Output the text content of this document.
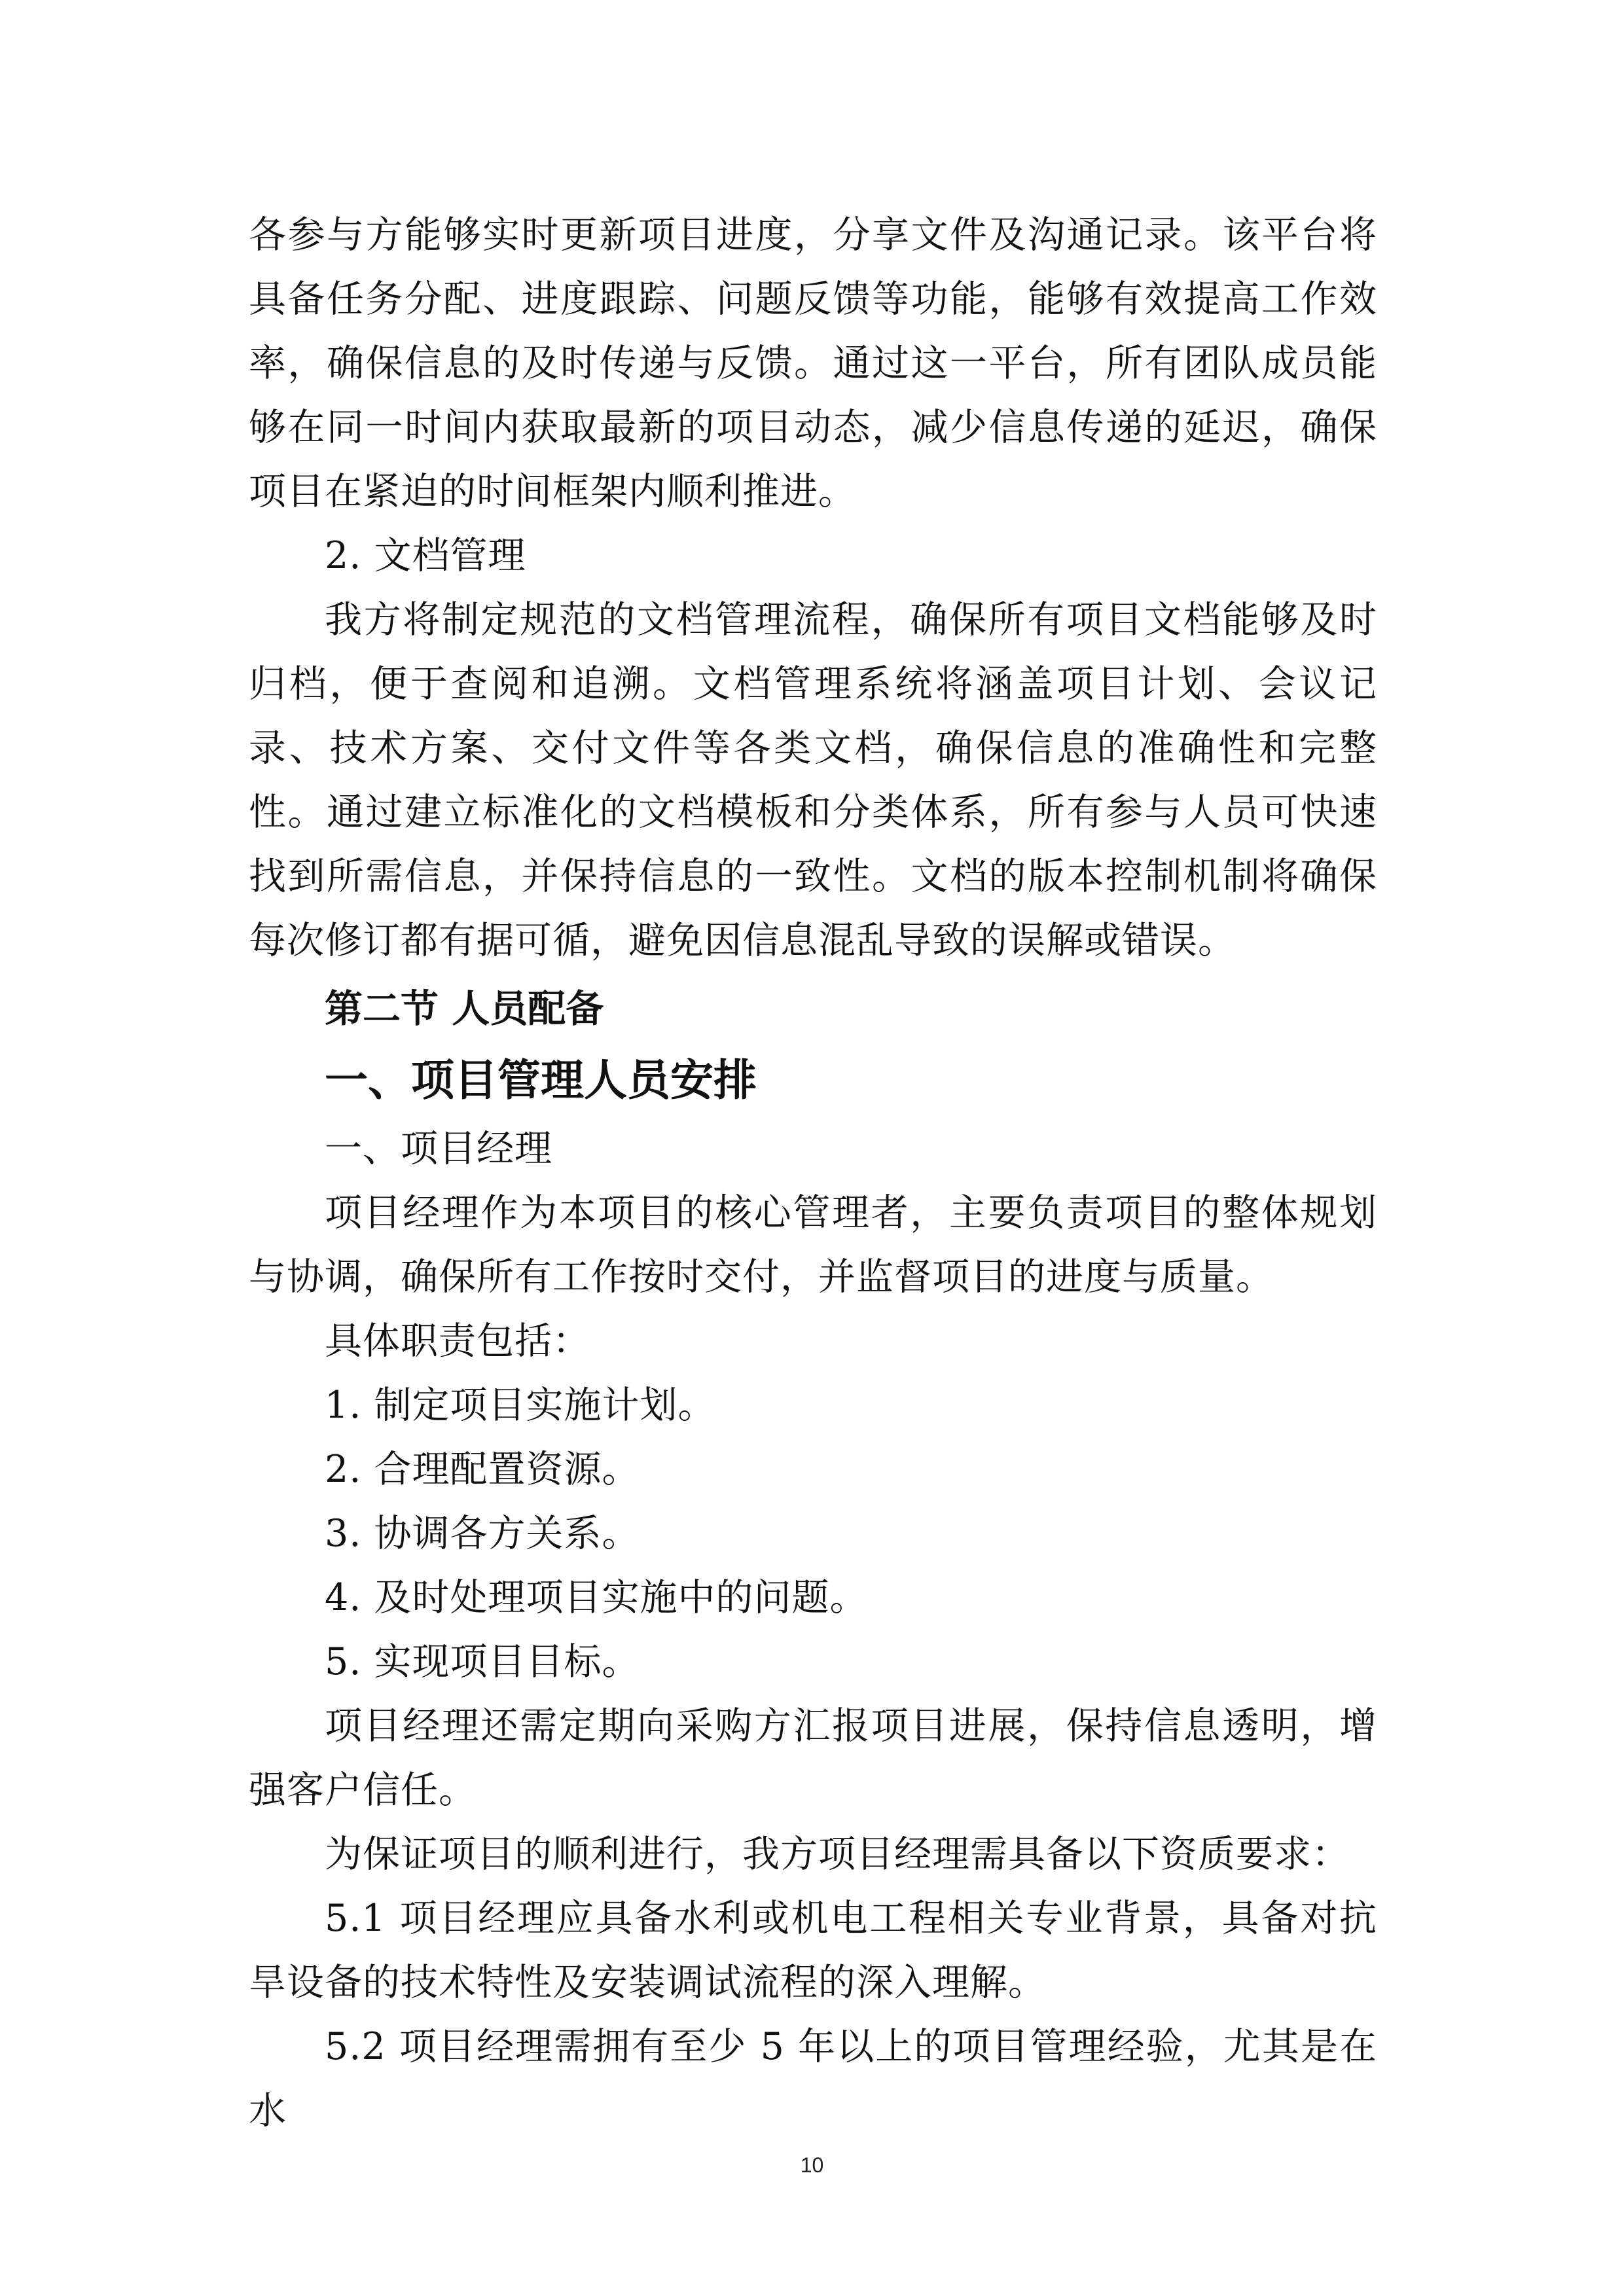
各参与方能够实时更新项目进度，分享文件及沟通记录。该平台将具备任务分配、进度跟踪、问题反馈等功能，能够有效提高工作效率，确保信息的及时传递与反馈。通过这一平台，所有团队成员能够在同一时间内获取最新的项目动态，减少信息传递的延迟，确保项目在紧迫的时间框架内顺利推进。

2. 文档管理

我方将制定规范的文档管理流程，确保所有项目文档能够及时归档，便于查阅和追溯。文档管理系统将涵盖项目计划、会议记录、技术方案、交付文件等各类文档，确保信息的准确性和完整性。通过建立标准化的文档模板和分类体系，所有参与人员可快速找到所需信息，并保持信息的一致性。文档的版本控制机制将确保每次修订都有据可循，避免因信息混乱导致的误解或错误。

第二节 人员配备
一、项目管理人员安排

一、项目经理

项目经理作为本项目的核心管理者，主要负责项目的整体规划与协调，确保所有工作按时交付，并监督项目的进度与质量。

具体职责包括：

1. 制定项目实施计划。

2. 合理配置资源。

3. 协调各方关系。

4. 及时处理项目实施中的问题。

5. 实现项目目标。

项目经理还需定期向采购方汇报项目进展，保持信息透明，增强客户信任。

为保证项目的顺利进行，我方项目经理需具备以下资质要求：

5.1 项目经理应具备水利或机电工程相关专业背景，具备对抗旱设备的技术特性及安装调试流程的深入理解。

5.2 项目经理需拥有至少 5 年以上的项目管理经验，尤其是在水

10
